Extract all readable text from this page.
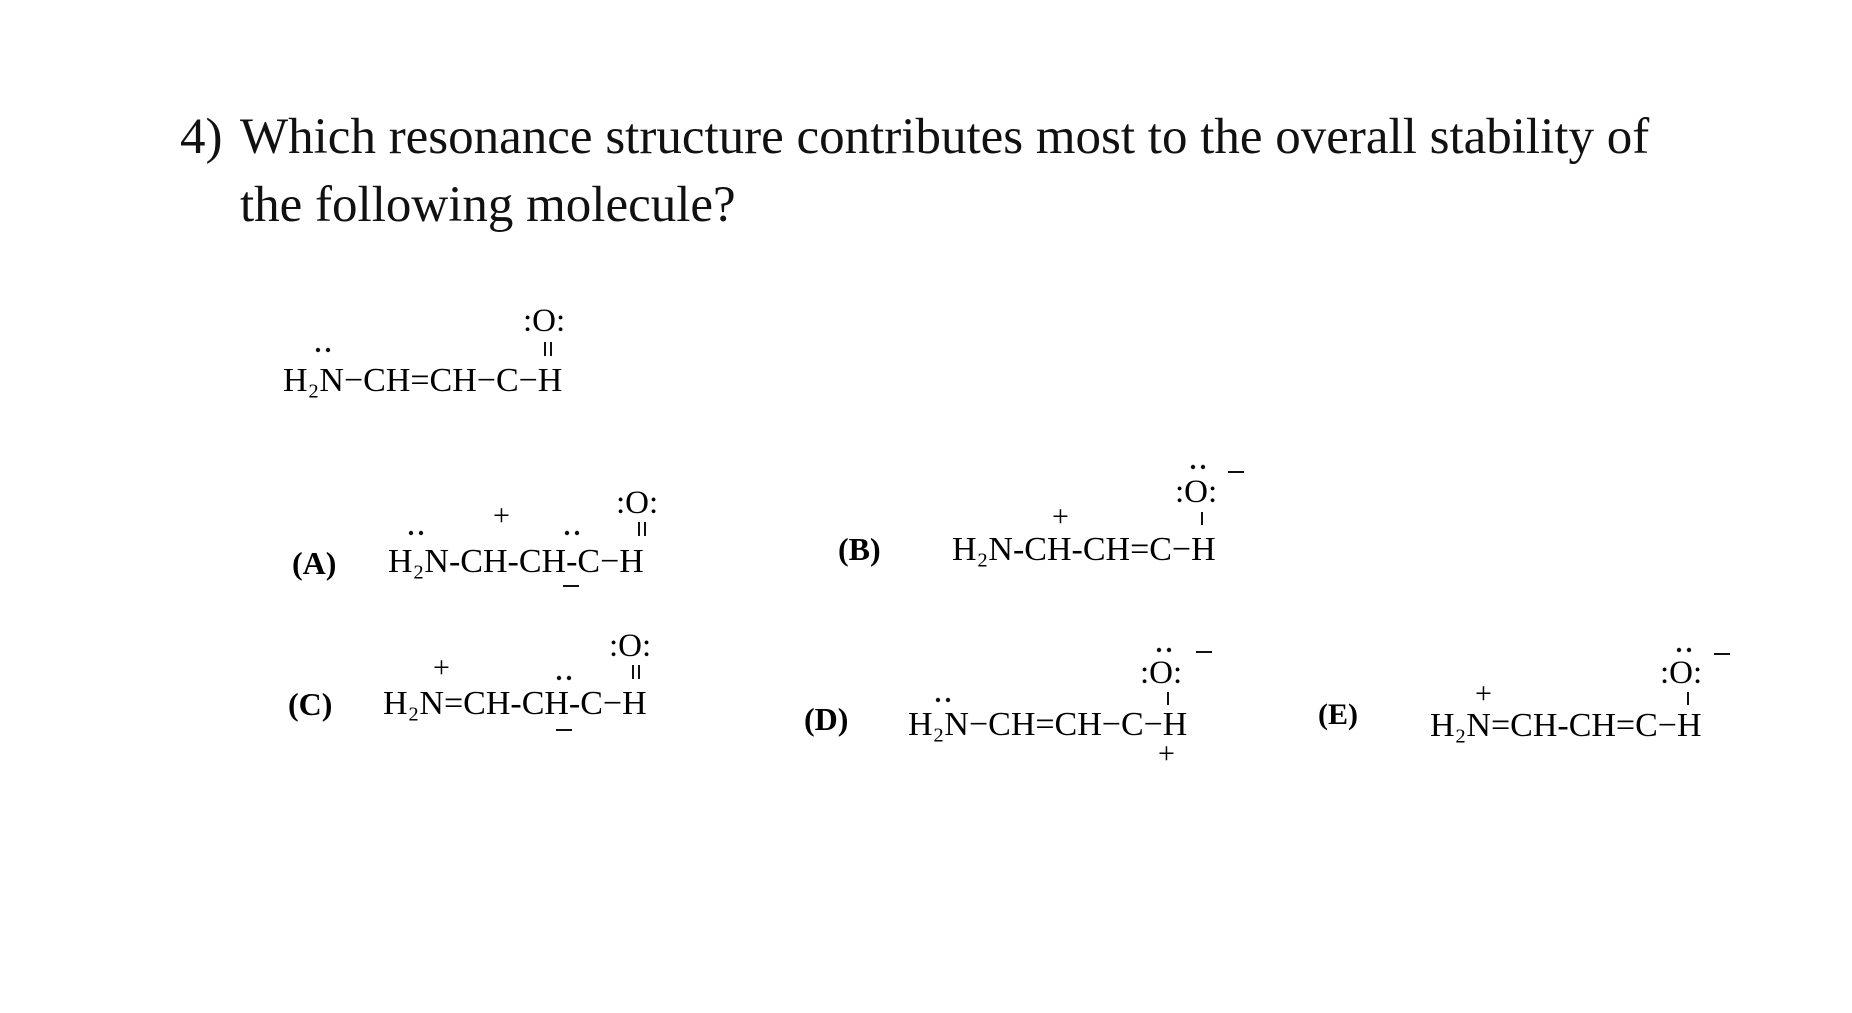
4) Which resonance structure contributes most to the overall stability of
the following molecule?
:O:
H₂N−CH=CH−C−H
(A)
:O:
+
H₂N-CH-CH-C−H	(B)
:O:
+
H₂N-CH-CH=C−H
(C)
:O:
+
H₂N=CH-CH-C−H	(D)
:O:
H₂N−CH=CH−C−H
+
(E)
:O:
+
H₂N=CH-CH=C−H
